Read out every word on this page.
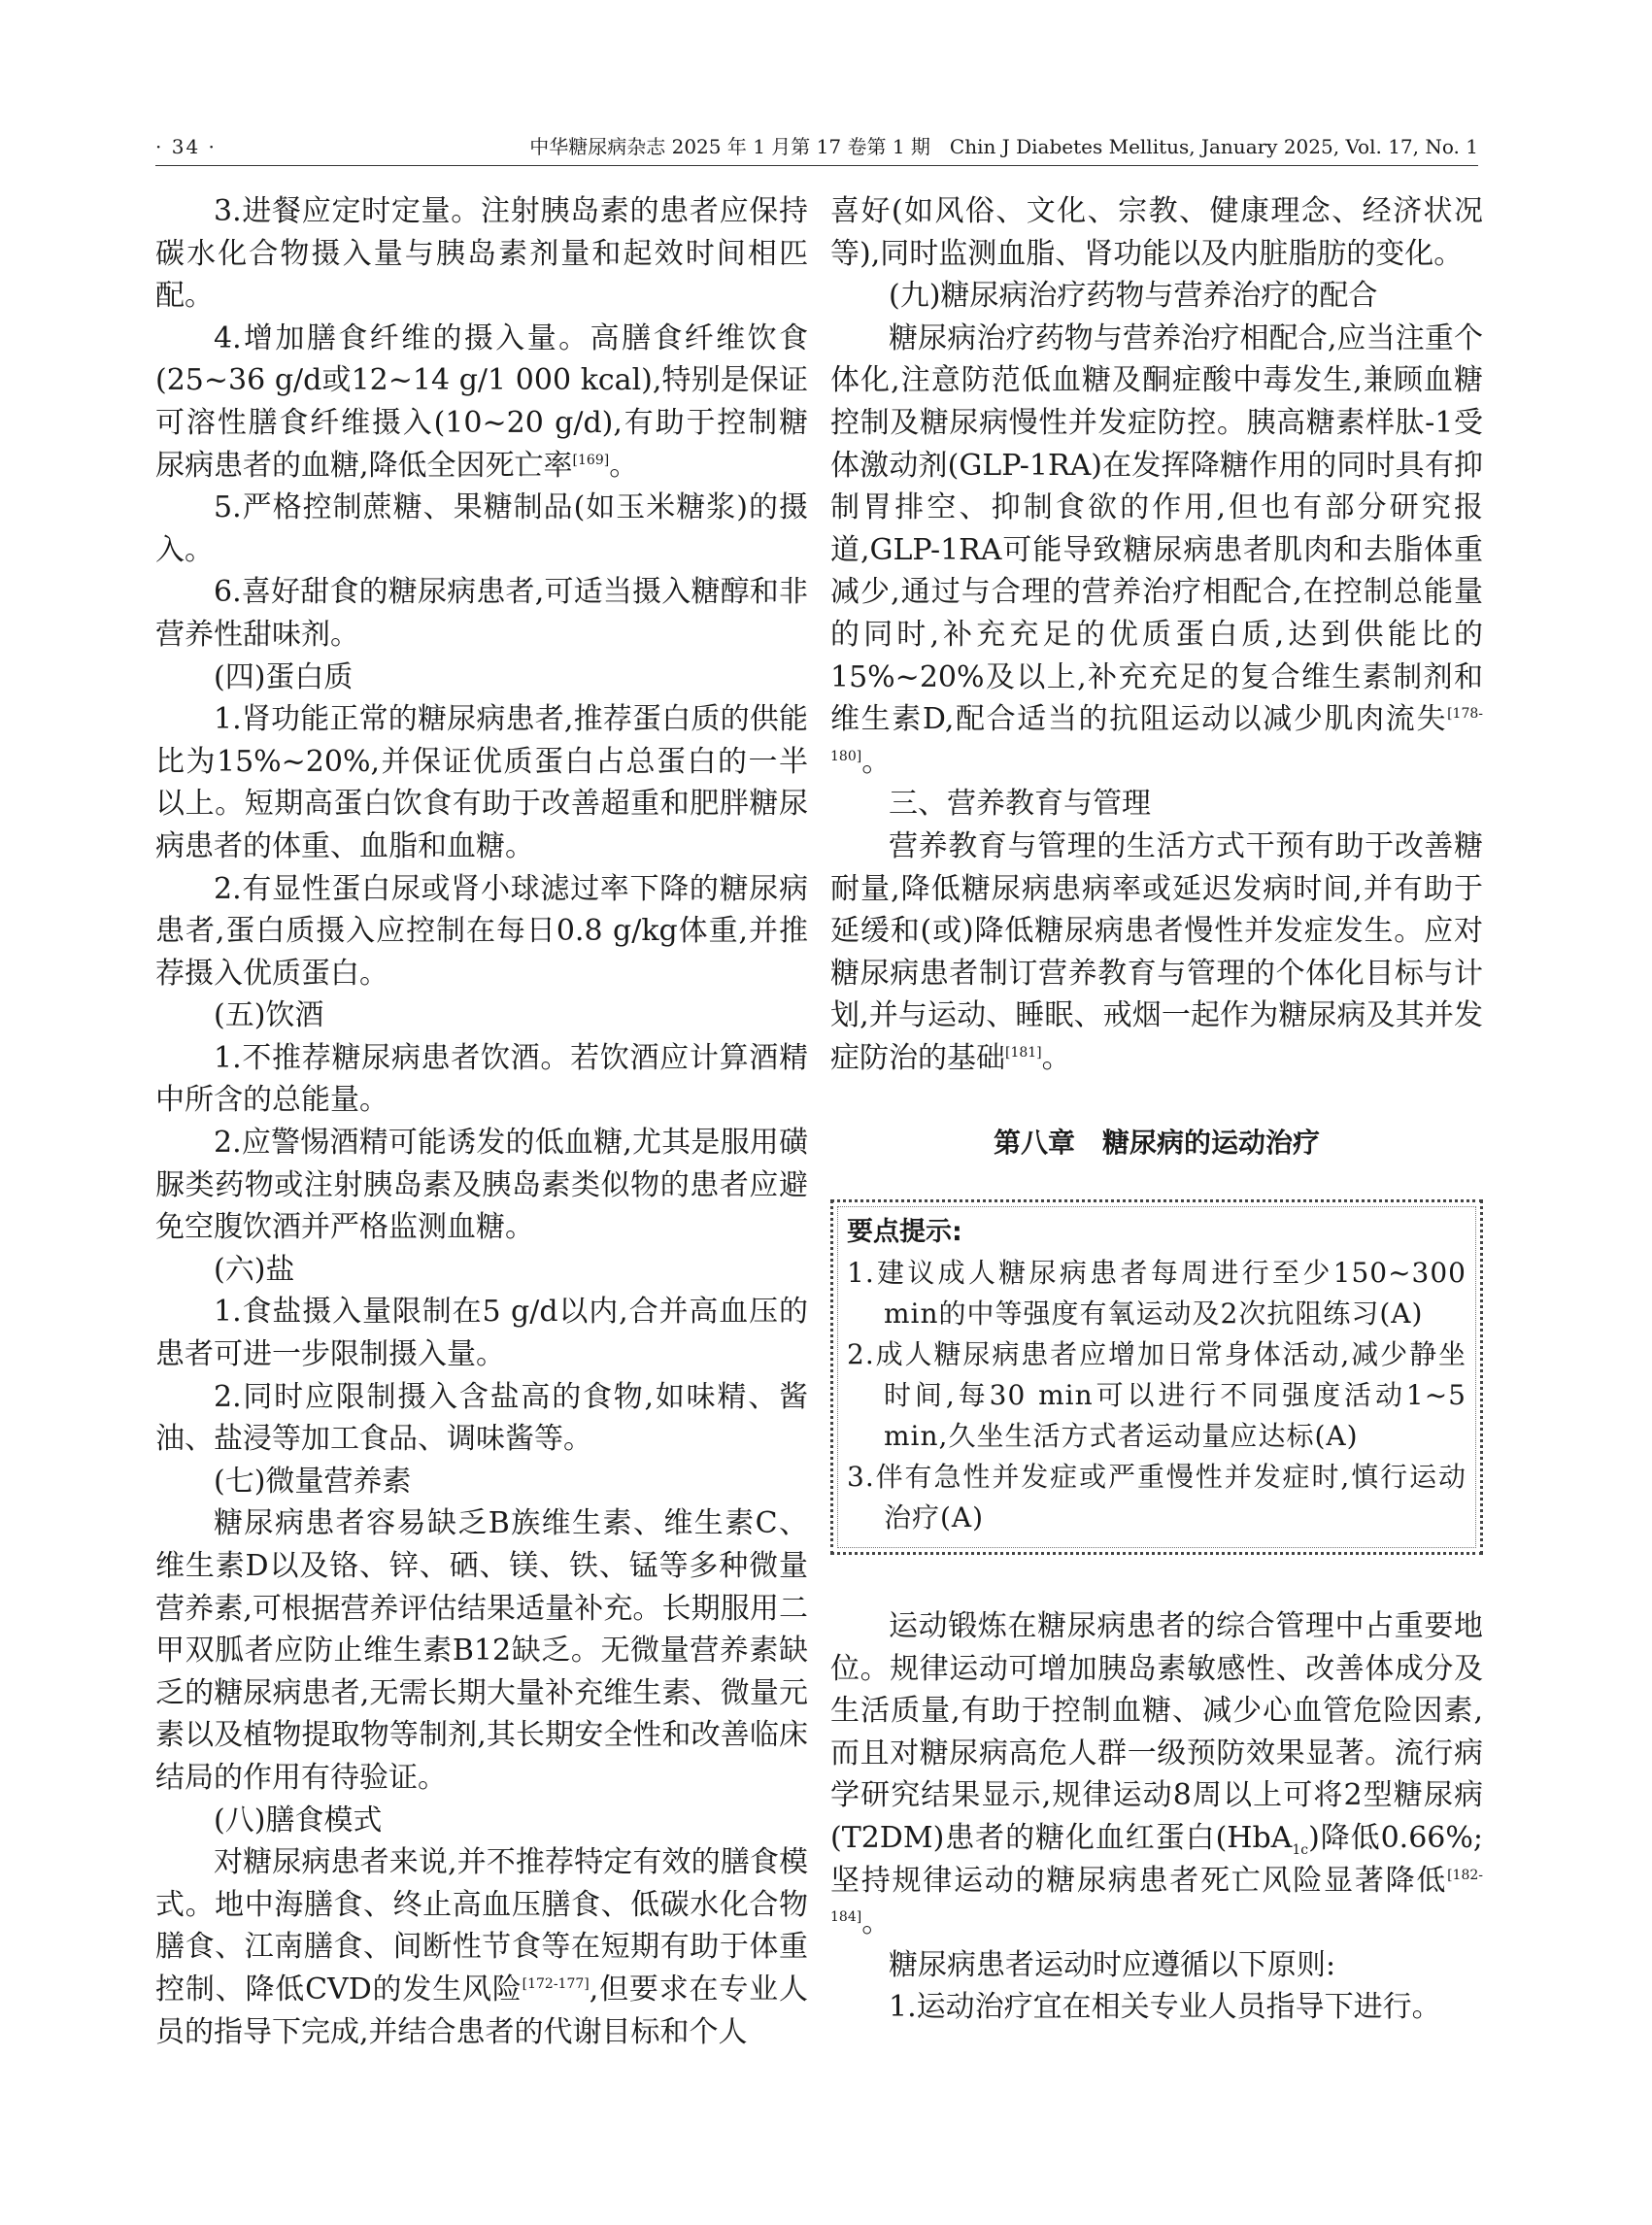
· 34 ·	中华糖尿病杂志 2025 年 1 月第 17 卷第 1 期　Chin J Diabetes Mellitus, January 2025, Vol. 17, No. 1

3.进餐应定时定量。注射胰岛素的患者应保持碳水化合物摄入量与胰岛素剂量和起效时间相匹配。

4.增加膳食纤维的摄入量。高膳食纤维饮食(25~36 g/d或12~14 g/1 000 kcal),特别是保证可溶性膳食纤维摄入(10~20 g/d),有助于控制糖尿病患者的血糖,降低全因死亡率[169]。

5.严格控制蔗糖、果糖制品(如玉米糖浆)的摄入。

6.喜好甜食的糖尿病患者,可适当摄入糖醇和非营养性甜味剂。

(四)蛋白质

1.肾功能正常的糖尿病患者,推荐蛋白质的供能比为15%~20%,并保证优质蛋白占总蛋白的一半以上。短期高蛋白饮食有助于改善超重和肥胖糖尿病患者的体重、血脂和血糖。

2.有显性蛋白尿或肾小球滤过率下降的糖尿病患者,蛋白质摄入应控制在每日0.8 g/kg体重,并推荐摄入优质蛋白。

(五)饮酒

1.不推荐糖尿病患者饮酒。若饮酒应计算酒精中所含的总能量。

2.应警惕酒精可能诱发的低血糖,尤其是服用磺脲类药物或注射胰岛素及胰岛素类似物的患者应避免空腹饮酒并严格监测血糖。

(六)盐

1.食盐摄入量限制在5 g/d以内,合并高血压的患者可进一步限制摄入量。

2.同时应限制摄入含盐高的食物,如味精、酱油、盐浸等加工食品、调味酱等。

(七)微量营养素

糖尿病患者容易缺乏B族维生素、维生素C、维生素D以及铬、锌、硒、镁、铁、锰等多种微量营养素,可根据营养评估结果适量补充。长期服用二甲双胍者应防止维生素B12缺乏。无微量营养素缺乏的糖尿病患者,无需长期大量补充维生素、微量元素以及植物提取物等制剂,其长期安全性和改善临床结局的作用有待验证。

(八)膳食模式

对糖尿病患者来说,并不推荐特定有效的膳食模式。地中海膳食、终止高血压膳食、低碳水化合物膳食、江南膳食、间断性节食等在短期有助于体重控制、降低CVD的发生风险[172-177],但要求在专业人员的指导下完成,并结合患者的代谢目标和个人

喜好(如风俗、文化、宗教、健康理念、经济状况等),同时监测血脂、肾功能以及内脏脂肪的变化。

(九)糖尿病治疗药物与营养治疗的配合

糖尿病治疗药物与营养治疗相配合,应当注重个体化,注意防范低血糖及酮症酸中毒发生,兼顾血糖控制及糖尿病慢性并发症防控。胰高糖素样肽-1受体激动剂(GLP-1RA)在发挥降糖作用的同时具有抑制胃排空、抑制食欲的作用,但也有部分研究报道,GLP-1RA可能导致糖尿病患者肌肉和去脂体重减少,通过与合理的营养治疗相配合,在控制总能量的同时,补充充足的优质蛋白质,达到供能比的15%~20%及以上,补充充足的复合维生素制剂和维生素D,配合适当的抗阻运动以减少肌肉流失[178-180]。

三、营养教育与管理

营养教育与管理的生活方式干预有助于改善糖耐量,降低糖尿病患病率或延迟发病时间,并有助于延缓和(或)降低糖尿病患者慢性并发症发生。应对糖尿病患者制订营养教育与管理的个体化目标与计划,并与运动、睡眠、戒烟一起作为糖尿病及其并发症防治的基础[181]。

第八章　糖尿病的运动治疗
要点提示:
1.建议成人糖尿病患者每周进行至少150~300 min的中等强度有氧运动及2次抗阻练习(A)
2.成人糖尿病患者应增加日常身体活动,减少静坐时间,每30 min可以进行不同强度活动1~5 min,久坐生活方式者运动量应达标(A)
3.伴有急性并发症或严重慢性并发症时,慎行运动治疗(A)

运动锻炼在糖尿病患者的综合管理中占重要地位。规律运动可增加胰岛素敏感性、改善体成分及生活质量,有助于控制血糖、减少心血管危险因素,而且对糖尿病高危人群一级预防效果显著。流行病学研究结果显示,规律运动8周以上可将2型糖尿病(T2DM)患者的糖化血红蛋白(HbA$_{1c}$)降低0.66%;坚持规律运动的糖尿病患者死亡风险显著降低[182-184]。

糖尿病患者运动时应遵循以下原则:

1.运动治疗宜在相关专业人员指导下进行。
